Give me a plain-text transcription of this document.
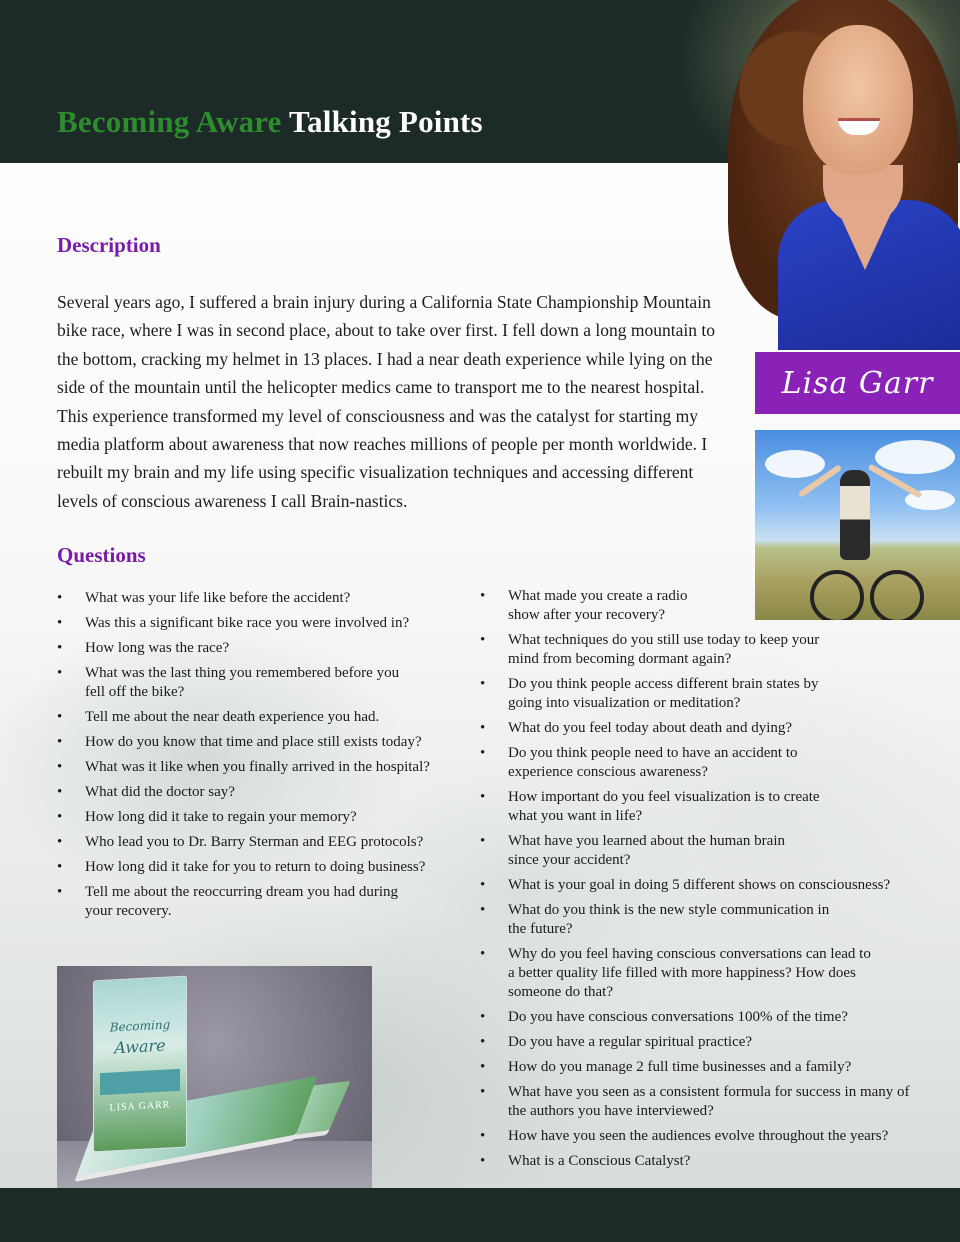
Becoming Aware Talking Points
Lisa Garr
Description

Several years ago, I suffered a brain injury during a California State Championship Mountain bike race, where I was in second place, about to take over first. I fell down a long mountain to the bottom, cracking my helmet in 13 places. I had a near death experience while lying on the side of the mountain until the helicopter medics came to transport me to the nearest hospital. This experience transformed my level of consciousness and was the catalyst for starting my media platform about awareness that now reaches millions of people per month worldwide. I rebuilt my brain and my life using specific visualization techniques and accessing different levels of conscious awareness I call Brain-nastics.

Questions
• What was your life like before the accident?
• Was this a significant bike race you were involved in?
• How long was the race?
• What was the last thing you remembered before you fell off the bike?
• Tell me about the near death experience you had.
• How do you know that time and place still exists today?
• What was it like when you finally arrived in the hospital?
• What did the doctor say?
• How long did it take to regain your memory?
• Who lead you to Dr. Barry Sterman and EEG protocols?
• How long did it take for you to return to doing business?
• Tell me about the reoccurring dream you had during your recovery.
• What made you create a radio show after your recovery?
• What techniques do you still use today to keep your mind from becoming dormant again?
• Do you think people access different brain states by going into visualization or meditation?
• What do you feel today about death and dying?
• Do you think people need to have an accident to experience conscious awareness?
• How important do you feel visualization is to create what you want in life?
• What have you learned about the human brain since your accident?
• What is your goal in doing 5 different shows on consciousness?
• What do you think is the new style communication in the future?
• Why do you feel having conscious conversations can lead to a better quality life filled with more happiness? How does someone do that?
• Do you have conscious conversations 100% of the time?
• Do you have a regular spiritual practice?
• How do you manage 2 full time businesses and a family?
• What have you seen as a consistent formula for success in many of the authors you have interviewed?
• How have you seen the audiences evolve throughout the years?
• What is a Conscious Catalyst?
Becoming
Aware
LISA GARR
